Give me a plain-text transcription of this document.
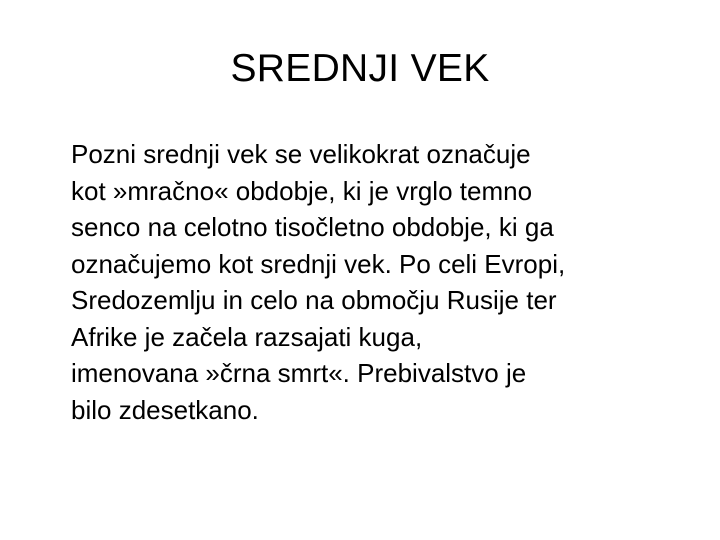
SREDNJI VEK

Pozni srednji vek se velikokrat označuje
kot »mračno« obdobje, ki je vrglo temno
senco na celotno tisočletno obdobje, ki ga
označujemo kot srednji vek. Po celi Evropi,
Sredozemlju in celo na območju Rusije ter
Afrike je začela razsajati kuga,
imenovana »črna smrt«. Prebivalstvo je
bilo zdesetkano.
